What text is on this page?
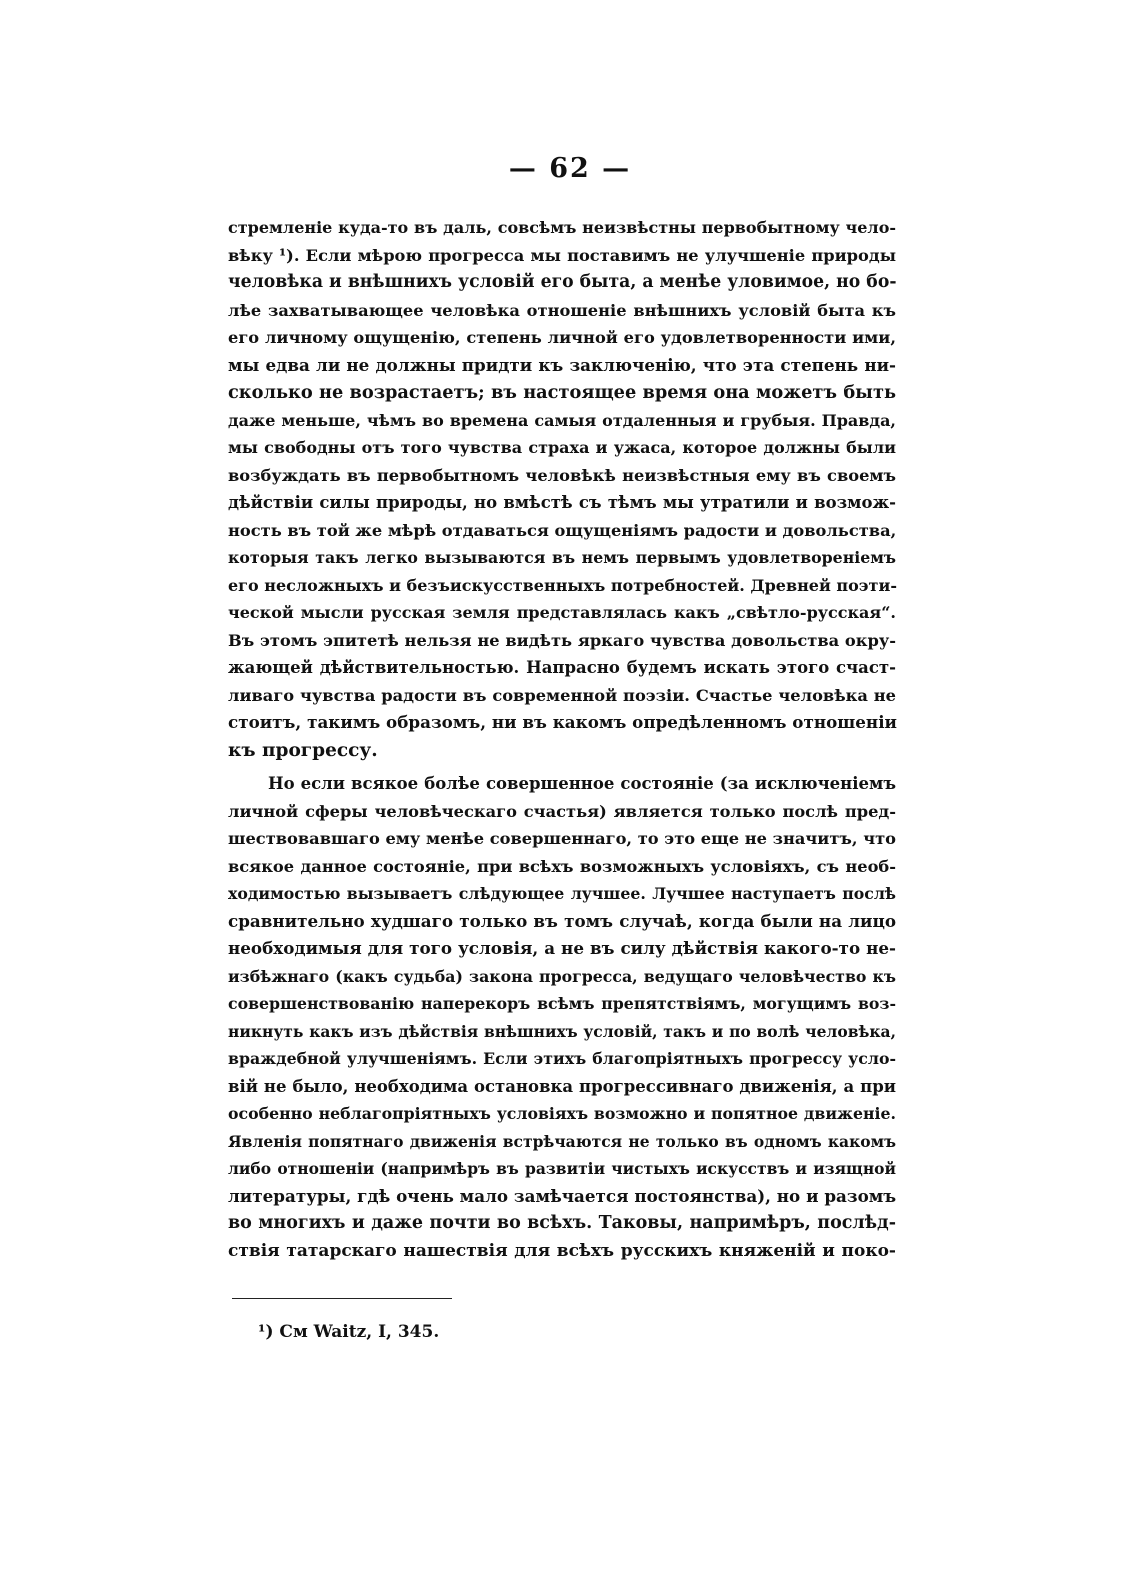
— 62 —
стремленіе куда-то въ даль, совсѣмъ неизвѣстны первобытному чело-
вѣку ¹). Если мѣрою прогресса мы поставимъ не улучшеніе природы
человѣка и внѣшнихъ условій его быта, а менѣе уловимое, но бо-
лѣе захватывающее человѣка отношеніе внѣшнихъ условій быта къ
его личному ощущенію, степень личной его удовлетворенности ими,
мы едва ли не должны придти къ заключенію, что эта степень ни-
сколько не возрастаетъ; въ настоящее время она можетъ быть
даже меньше, чѣмъ во времена самыя отдаленныя и грубыя. Правда,
мы свободны отъ того чувства страха и ужаса, которое должны были
возбуждать въ первобытномъ человѣкѣ неизвѣстныя ему въ своемъ
дѣйствіи силы природы, но вмѣстѣ съ тѣмъ мы утратили и возмож-
ность въ той же мѣрѣ отдаваться ощущеніямъ радости и довольства,
которыя такъ легко вызываются въ немъ первымъ удовлетвореніемъ
его несложныхъ и безъискусственныхъ потребностей. Древней поэти-
ческой мысли русская земля представлялась какъ „свѣтло-русская“.
Въ этомъ эпитетѣ нельзя не видѣть яркаго чувства довольства окру-
жающей дѣйствительностью. Напрасно будемъ искать этого счаст-
ливаго чувства радости въ современной поэзіи. Счастье человѣка не
стоитъ, такимъ образомъ, ни въ какомъ опредѣленномъ отношеніи
къ прогрессу.
Но если всякое болѣе совершенное состояніе (за исключеніемъ
личной сферы человѣческаго счастья) является только послѣ пред-
шествовавшаго ему менѣе совершеннаго, то это еще не значитъ, что
всякое данное состояніе, при всѣхъ возможныхъ условіяхъ, съ необ-
ходимостью вызываетъ слѣдующее лучшее. Лучшее наступаетъ послѣ
сравнительно худшаго только въ томъ случаѣ, когда были на лицо
необходимыя для того условія, а не въ силу дѣйствія какого-то не-
избѣжнаго (какъ судьба) закона прогресса, ведущаго человѣчество къ
совершенствованію наперекоръ всѣмъ препятствіямъ, могущимъ воз-
никнуть какъ изъ дѣйствія внѣшнихъ условій, такъ и по волѣ человѣка,
враждебной улучшеніямъ. Если этихъ благопріятныхъ прогрессу усло-
вій не было, необходима остановка прогрессивнаго движенія, а при
особенно неблагопріятныхъ условіяхъ возможно и попятное движеніе.
Явленія попятнаго движенія встрѣчаются не только въ одномъ какомъ
либо отношеніи (напримѣръ въ развитіи чистыхъ искусствъ и изящной
литературы, гдѣ очень мало замѣчается постоянства), но и разомъ
во многихъ и даже почти во всѣхъ. Таковы, напримѣръ, послѣд-
ствія татарскаго нашествія для всѣхъ русскихъ княженій и поко-
¹) См Waitz, I, 345.
